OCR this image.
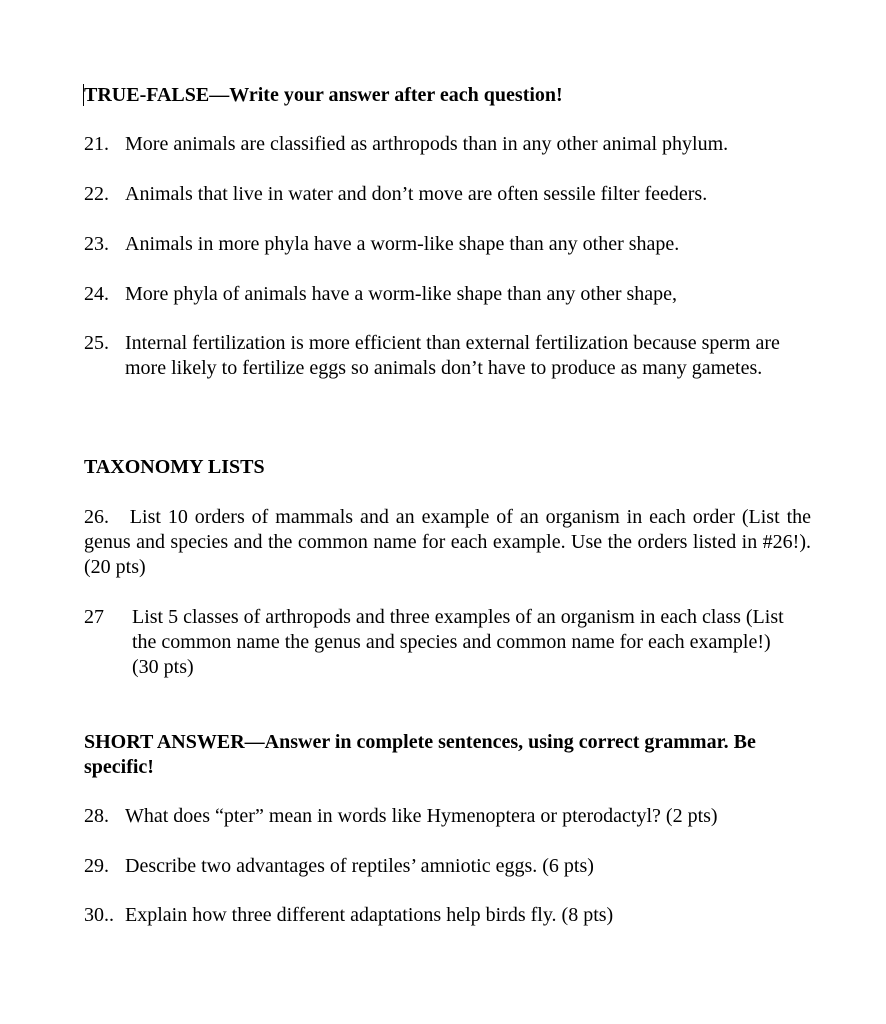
TRUE-FALSE—Write your answer after each question!
21. More animals are classified as arthropods than in any other animal phylum.
22. Animals that live in water and don’t move are often sessile filter feeders.
23. Animals in more phyla have a worm-like shape than any other shape.
24. More phyla of animals have a worm-like shape than any other shape,
25. Internal fertilization is more efficient than external fertilization because sperm are more likely to fertilize eggs so animals don’t have to produce as many gametes.
TAXONOMY LISTS
26. List 10 orders of mammals and an example of an organism in each order (List the genus and species and the common name for each example. Use the orders listed in #26!). (20 pts)
27 List 5 classes of arthropods and three examples of an organism in each class (List the common name the genus and species and common name for each example!) (30 pts)
SHORT ANSWER—Answer in complete sentences, using correct grammar. Be specific!
28. What does “pter” mean in words like Hymenoptera or pterodactyl? (2 pts)
29. Describe two advantages of reptiles’ amniotic eggs. (6 pts)
30.. Explain how three different adaptations help birds fly. (8 pts)
